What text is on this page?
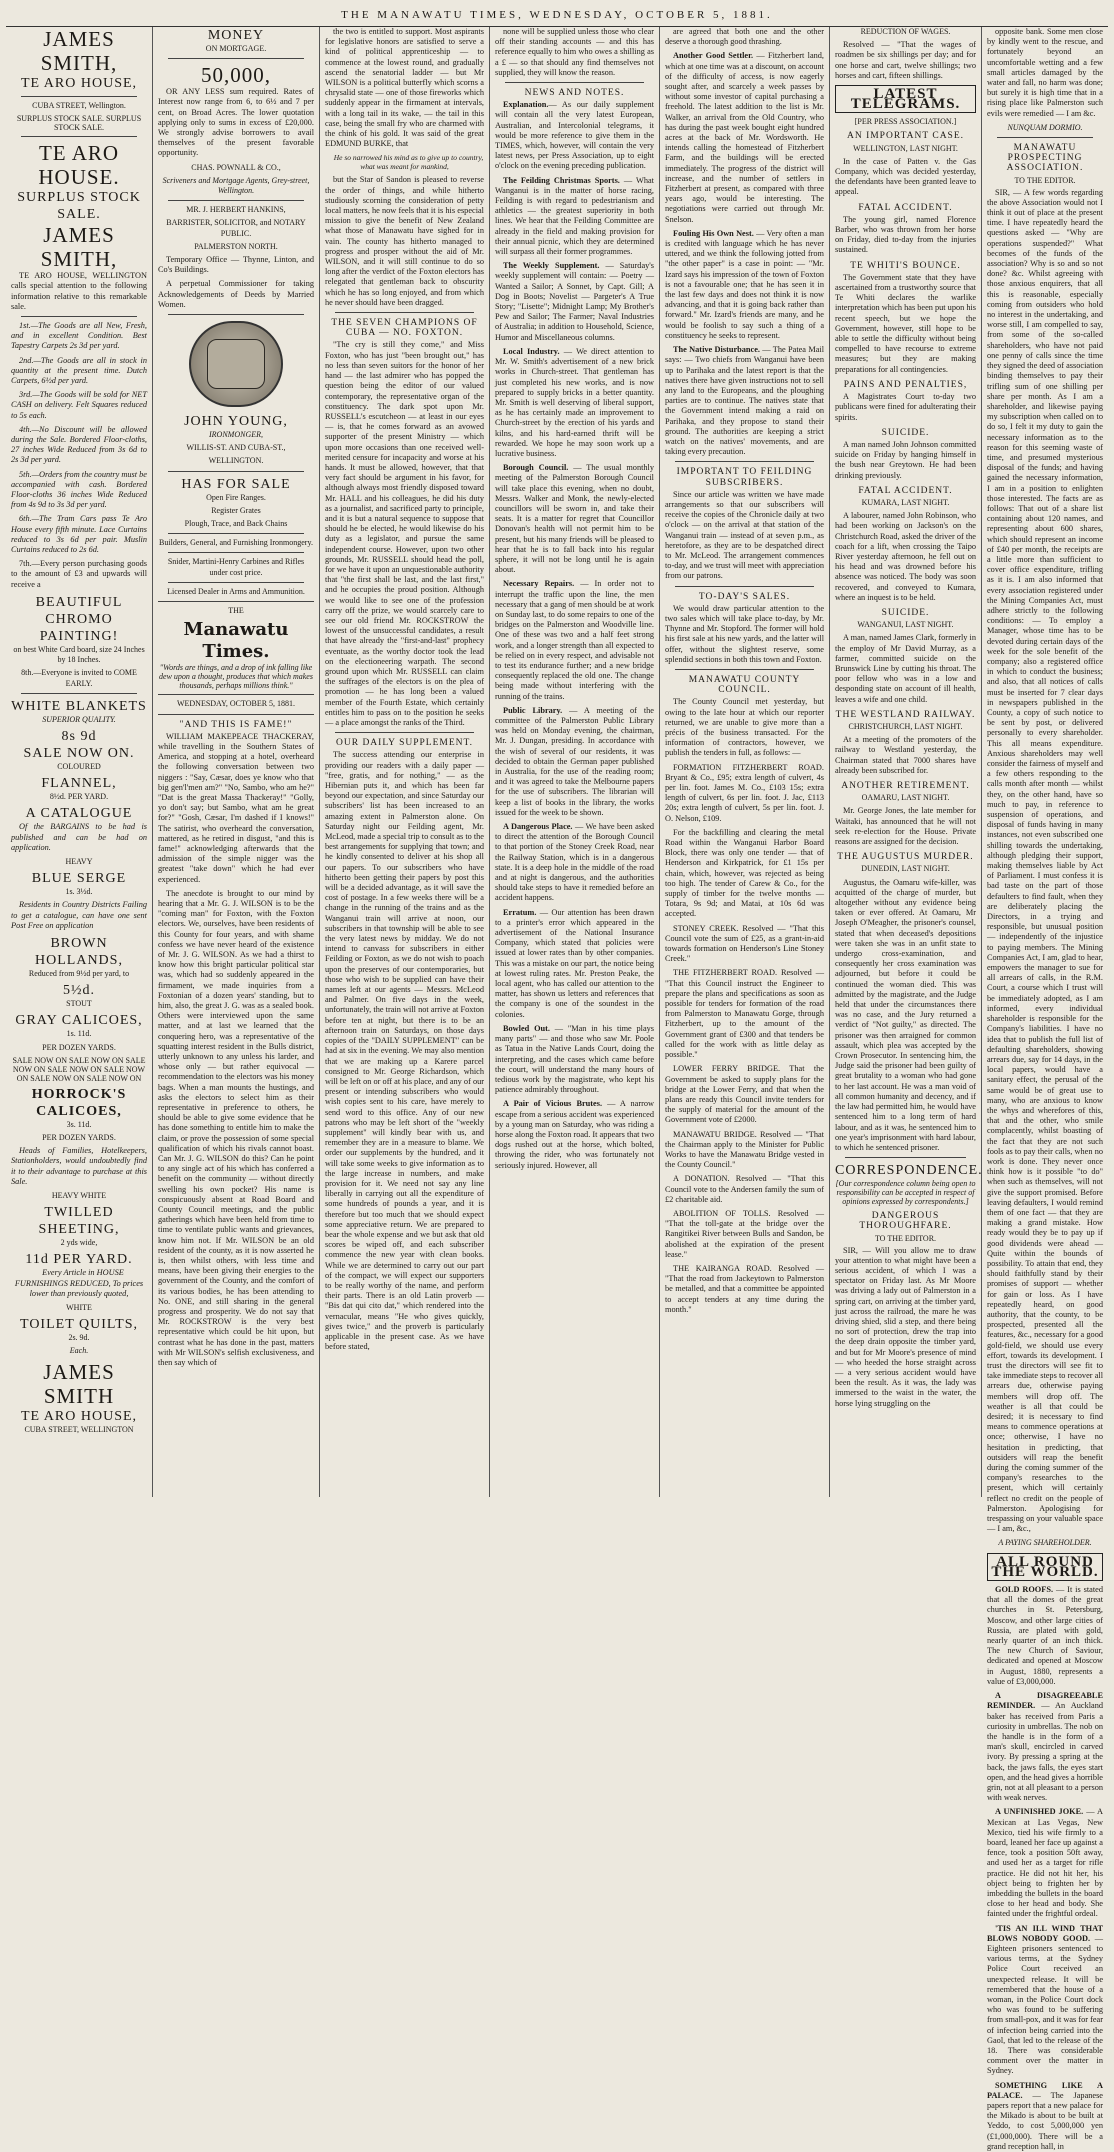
THE MANAWATU TIMES, WEDNESDAY, OCTOBER 5, 1881.
JAMES SMITH,
TE ARO HOUSE,
CUBA STREET, Wellington.
SURPLUS STOCK SALE. SURPLUS STOCK SALE.
TE ARO HOUSE.
SURPLUS STOCK
SALE.
JAMES SMITH,

TE ARO HOUSE, WELLINGTON calls special attention to the following information relative to this remarkable sale.

1st.—The Goods are all New, Fresh, and in excellent Condition. Best Tapestry Carpets 2s 3d per yard.

2nd.—The Goods are all in stock in quantity at the present time. Dutch Carpets, 6½d per yard.

3rd.—The Goods will be sold for NET CASH on delivery. Felt Squares reduced to 5s each.

4th.—No Discount will be allowed during the Sale. Bordered Floor-cloths, 27 inches Wide Reduced from 3s 6d to 2s 3d per yard.

5th.—Orders from the country must be accompanied with cash. Bordered Floor-cloths 36 inches Wide Reduced from 4s 9d to 3s 3d per yard.

6th.—The Tram Cars pass Te Aro House every fifth minute. Lace Curtains reduced to 3s 6d per pair. Muslin Curtains reduced to 2s 6d.

7th.—Every person purchasing goods to the amount of £3 and upwards will receive a

BEAUTIFUL
CHROMO PAINTING!
on best White Card board, size 24 Inches by 18 Inches.
8th.—Everyone is invited to COME EARLY.
WHITE BLANKETS
SUPERIOR QUALITY.
8s 9d
SALE NOW ON.
COLOURED
FLANNEL,
8½d. PER YARD.
A CATALOGUE

Of the BARGAINS to be had is published and can be had on application.

HEAVY
BLUE SERGE
1s. 3½d.

Residents in Country Districts Failing to get a catalogue, can have one sent Post Free on application

BROWN HOLLANDS,
Reduced from 9½d per yard, to
5½d.
STOUT
GRAY CALICOES,
1s. 11d.
PER DOZEN YARDS.
SALE NOW ON SALE NOW ON SALE NOW ON SALE NOW ON SALE NOW ON SALE NOW ON SALE NOW ON
HORROCK'S CALICOES,
3s. 11d.
PER DOZEN YARDS.

Heads of Families, Hotelkeepers, Stationholders, would undoubtedly find it to their advantage to purchase at this Sale.

HEAVY WHITE
TWILLED SHEETING,
2 yds wide,
11d PER YARD.

Every Article in HOUSE FURNISHINGS REDUCED, To prices lower than previously quoted,

WHITE
TOILET QUILTS,
2s. 9d.
Each.
JAMES SMITH
TE ARO HOUSE,
CUBA STREET, WELLINGTON
MONEY
ON MORTGAGE.
50,000,

OR ANY LESS sum required. Rates of Interest now range from 6, to 6½ and 7 per cent, on Broad Acres. The lower quotation applying only to sums in excess of £20,000. We strongly advise borrowers to avail themselves of the present favorable opportunity.

CHAS. POWNALL & CO.,
Scriveners and Mortgage Agents, Grey-street, Wellington.
MR. J. HERBERT HANKINS,
BARRISTER, SOLICITOR, and NOTARY PUBLIC.
PALMERSTON NORTH.

Temporary Office — Thynne, Linton, and Co's Buildings.

A perpetual Commissioner for taking Acknowledgements of Deeds by Married Women.

JOHN YOUNG,
IRONMONGER,
WILLIS-ST. AND CUBA-ST.,
WELLINGTON.
HAS FOR SALE
Open Fire Ranges.
Register Grates
Plough, Trace, and Back Chains
Builders, General, and Furnishing Ironmongery.
Snider, Martini-Henry Carbines and Rifles under cost price.
Licensed Dealer in Arms and Ammunition.
THE
Manawatu Times.
"Words are things, and a drop of ink falling like dew upon a thought, produces that which makes thousands, perhaps millions think."
WEDNESDAY, OCTOBER 5, 1881.
"AND THIS IS FAME!"

WILLIAM MAKEPEACE THACKERAY, while travelling in the Southern States of America, and stopping at a hotel, overheard the following conversation between two niggers : "Say, Cæsar, does ye know who that big gen'l'men am?" "No, Sambo, who am he?" "Dat is the great Massa Thackeray!" "Golly, yo don't say; but Sambo, what am he great for?" "Gosh, Cæsar, I'm dashed if I knows!" The satirist, who overheard the conversation, mattered, as he retired in disgust, "and this is fame!" acknowledging afterwards that the admission of the simple nigger was the greatest "take down" which he had ever experienced.

The anecdote is brought to our mind by hearing that a Mr. G. J. WILSON is to be the "coming man" for Foxton, with the Foxton electors. We, ourselves, have been residents of this County for four years, and with shame confess we have never heard of the existence of Mr. J. G. WILSON. As we had a thirst to know how this bright particular political star was, which had so suddenly appeared in the firmament, we made inquiries from a Foxtonian of a dozen years' standing, but to him, also, the great J. G. was as a sealed book. Others were interviewed upon the same matter, and at last we learned that the conquering hero, was a representative of the squatting interest resident in the Bulls district, utterly unknown to any unless his larder, and whose only — but rather equivocal — recommendation to the electors was his money bags. When a man mounts the hustings, and asks the electors to select him as their representative in preference to others, he should be able to give some evidence that he has done something to entitle him to make the claim, or prove the possession of some special qualification of which his rivals cannot boast. Can Mr. J. G. WILSON do this? Can he point to any single act of his which has conferred a benefit on the community — without directly swelling his own pocket? His name is conspicuously absent at Road Board and County Council meetings, and the public gatherings which have been held from time to time to ventilate public wants and grievances, know him not. If Mr. WILSON be an old resident of the county, as it is now asserted he is, then whilst others, with less time and means, have been giving their energies to the government of the County, and the comfort of its various bodies, he has been attending to No. ONE, and still sharing in the general progress and prosperity. We do not say that Mr. ROCKSTROW is the very best representative which could be hit upon, but contrast what he has done in the past, matters with Mr WILSON's selfish exclusiveness, and then say which of

the two is entitled to support. Most aspirants for legislative honors are satisfied to serve a kind of political apprenticeship — to commence at the lowest round, and gradually ascend the senatorial ladder — but Mr WILSON is a political butterfly which scorns a chrysalid state — one of those fireworks which suddenly appear in the firmament at intervals, with a long tail in its wake, — the tail in this case, being the small fry who are charmed with the chink of his gold. It was said of the great EDMUND BURKE, that

He so narrowed his mind as to give up to country, what was meant for mankind,

but the Star of Sandon is pleased to reverse the order of things, and while hitherto studiously scorning the consideration of petty local matters, he now feels that it is his especial mission to give the benefit of New Zealand what those of Manawatu have sighed for in vain. The county has hitherto managed to progress and prosper without the aid of Mr. WILSON, and it will still continue to do so long after the verdict of the Foxton electors has relegated that gentleman back to obscurity which he has so long enjoyed, and from which he never should have been dragged.

THE SEVEN CHAMPIONS OF CUBA — NO. FOXTON.

"The cry is still they come," and Miss Foxton, who has just "been brought out," has no less than seven suitors for the honor of her hand — the last admirer who has popped the question being the editor of our valued contemporary, the representative organ of the constituency. The dark spot upon Mr. RUSSELL's escutcheon — at least in our eyes — is, that he comes forward as an avowed supporter of the present Ministry — which upon more occasions than one received well-merited censure for incapacity and worse at his hands. It must be allowed, however, that that very fact should be argument in his favor, for although always most friendly disposed toward Mr. HALL and his colleagues, he did his duty as a journalist, and sacrificed party to principle, and it is but a natural sequence to suppose that should he be elected, he would likewise do his duty as a legislator, and pursue the same independent course. However, upon two other grounds, Mr. RUSSELL should head the poll, for we have it upon an unquestionable authority that "the first shall be last, and the last first," and he occupies the proud position. Although we would like to see one of the profession carry off the prize, we would scarcely care to see our old friend Mr. ROCKSTROW the lowest of the unsuccessful candidates, a result that have already the "first-and-last" prophecy eventuate, as the worthy doctor took the lead on the electioneering warpath. The second ground upon which Mr. RUSSELL can claim the suffrages of the electors is on the plea of promotion — he has long been a valued member of the Fourth Estate, which certainly entitles him to pass on to the position he seeks — a place amongst the ranks of the Third.

OUR DAILY SUPPLEMENT.

The success attending our enterprise in providing our readers with a daily paper — "free, gratis, and for nothing," — as the Hibernian puts it, and which has been far beyond our expectation, and since Saturday our subscribers' list has been increased to an amazing extent in Palmerston alone. On Saturday night our Feilding agent, Mr. McLeod, made a special trip to consult as to the best arrangements for supplying that town; and he kindly consented to deliver at his shop all our papers. To our subscribers who have hitherto been getting their papers by post this will be a decided advantage, as it will save the cost of postage. In a few weeks there will be a change in the running of the trains and as the Wanganui train will arrive at noon, our subscribers in that township will be able to see the very latest news by midday. We do not intend to canvass for subscribers in either Feilding or Foxton, as we do not wish to poach upon the preserves of our contemporaries, but those who wish to be supplied can have their names left at our agents — Messrs. McLeod and Palmer. On five days in the week, unfortunately, the train will not arrive at Foxton before ten at night, but there is to be an afternoon train on Saturdays, on those days copies of the "DAILY SUPPLEMENT" can be had at six in the evening. We may also mention that we are making up a Karere parcel consigned to Mr. George Richardson, which will be left on or off at his place, and any of our present or intending subscribers who would wish copies sent to his care, have merely to send word to this office. Any of our new patrons who may be left short of the "weekly supplement" will kindly bear with us, and remember they are in a measure to blame. We order our supplements by the hundred, and it will take some weeks to give information as to the large increase in numbers, and make provision for it. We need not say any line liberally in carrying out all the expenditure of some hundreds of pounds a year, and it is therefore but too much that we should expect some appreciative return. We are prepared to bear the whole expense and we but ask that old scores be wiped off, and each subscriber commence the new year with clean books. While we are determined to carry out our part of the compact, we will expect our supporters to be really worthy of the name, and perform their parts. There is an old Latin proverb — "Bis dat qui cito dat," which rendered into the vernacular, means "He who gives quickly, gives twice," and the proverb is particularly applicable in the present case. As we have before stated,

none will be supplied unless those who clear off their standing accounts — and this has reference equally to him who owes a shilling as a £ — so that should any find themselves not supplied, they will know the reason.

NEWS AND NOTES.

Explanation.— As our daily supplement will contain all the very latest European, Australian, and Intercolonial telegrams, it would be more reference to give them in the TIMES, which, however, will contain the very latest news, per Press Association, up to eight o'clock on the evening preceding publication.

The Feilding Christmas Sports. — What Wanganui is in the matter of horse racing, Feilding is with regard to pedestrianism and athletics — the greatest superiority in both lines. We hear that the Feilding Committee are already in the field and making provision for their annual picnic, which they are determined will surpass all their former programmes.

The Weekly Supplement. — Saturday's weekly supplement will contain: — Poetry — Wanted a Sailor; A Sonnet, by Capt. Gill; A Dog in Boots; Novelist — Pargeter's A True Story; "Lisette"; Midnight Lamp; My Brother's Pew and Sailor; The Farmer; Naval Industries of Australia; in addition to Household, Science, Humor and Miscellaneous columns.

Local Industry. — We direct attention to Mr. W. Smith's advertisement of a new brick works in Church-street. That gentleman has just completed his new works, and is now prepared to supply bricks in a better quantity. Mr. Smith is well deserving of liberal support, as he has certainly made an improvement to Church-street by the erection of his yards and kilns, and his hard-earned thrift will be rewarded. We hope he may soon work up a lucrative business.

Borough Council. — The usual monthly meeting of the Palmerston Borough Council will take place this evening, when no doubt, Messrs. Walker and Monk, the newly-elected councillors will be sworn in, and take their seats. It is a matter for regret that Councillor Donovan's health will not permit him to be present, but his many friends will be pleased to hear that he is to fall back into his regular sphere, it will not be long until he is again about.

Necessary Repairs. — In order not to interrupt the traffic upon the line, the men necessary that a gang of men should be at work on Sunday last, to do some repairs to one of the bridges on the Palmerston and Woodville line. One of these was two and a half feet strong work, and a longer strength than all expected to be relied on in every respect, and advisable not to test its endurance further; and a new bridge consequently replaced the old one. The change being made without interfering with the running of the trains.

Public Library. — A meeting of the committee of the Palmerston Public Library was held on Monday evening, the chairman, Mr. J. Dungan, presiding. In accordance with the wish of several of our residents, it was decided to obtain the German paper published in Australia, for the use of the reading room; and it was agreed to take the Melbourne papers for the use of subscribers. The librarian will keep a list of books in the library, the works issued for the week to be shown.

A Dangerous Place. — We have been asked to direct the attention of the Borough Council to that portion of the Stoney Creek Road, near the Railway Station, which is in a dangerous state. It is a deep hole in the middle of the road and at night is dangerous, and the authorities should take steps to have it remedied before an accident happens.

Erratum. — Our attention has been drawn to a printer's error which appeared in the advertisement of the National Insurance Company, which stated that policies were issued at lower rates than by other companies. This was a mistake on our part, the notice being at lowest ruling rates. Mr. Preston Peake, the local agent, who has called our attention to the matter, has shown us letters and references that the company is one of the soundest in the colonies.

Bowled Out. — "Man in his time plays many parts" — and those who saw Mr. Poole as Tatua in the Native Lands Court, doing the interpreting, and the cases which came before the court, will understand the many hours of tedious work by the magistrate, who kept his patience admirably throughout.

A Pair of Vicious Brutes. — A narrow escape from a serious accident was experienced by a young man on Saturday, who was riding a horse along the Foxton road. It appears that two dogs rushed out at the horse, which bolted, throwing the rider, who was fortunately not seriously injured. However, all

are agreed that both one and the other deserve a thorough good thrashing.

Another Good Settler. — Fitzherbert land, which at one time was at a discount, on account of the difficulty of access, is now eagerly sought after, and scarcely a week passes by without some investor of capital purchasing a freehold. The latest addition to the list is Mr. Walker, an arrival from the Old Country, who has during the past week bought eight hundred acres at the back of Mr. Wordsworth. He intends calling the homestead of Fitzherbert Farm, and the buildings will be erected immediately. The progress of the district will increase, and the number of settlers in Fitzherbert at present, as compared with three years ago, would be interesting. The negotiations were carried out through Mr. Snelson.

Fouling His Own Nest. — Very often a man is credited with language which he has never uttered, and we think the following jotted from "the other paper" is a case in point: — "Mr. Izard says his impression of the town of Foxton is not a favourable one; that he has seen it in the last few days and does not think it is now advancing, and that it is going back rather than forward." Mr. Izard's friends are many, and he would be foolish to say such a thing of a constituency he seeks to represent.

The Native Disturbance. — The Patea Mail says: — Two chiefs from Wanganui have been up to Parihaka and the latest report is that the natives there have given instructions not to sell any land to the Europeans, and the ploughing parties are to continue. The natives state that the Government intend making a raid on Parihaka, and they propose to stand their ground. The authorities are keeping a strict watch on the natives' movements, and are taking every precaution.

IMPORTANT TO FEILDING SUBSCRIBERS.

Since our article was written we have made arrangements so that our subscribers will receive the copies of the Chronicle daily at two o'clock — on the arrival at that station of the Wanganui train — instead of at seven p.m., as heretofore, as they are to be despatched direct to Mr. McLeod. The arrangement commences to-day, and we trust will meet with appreciation from our patrons.

TO-DAY'S SALES.

We would draw particular attention to the two sales which will take place to-day, by Mr. Thynne and Mr. Stopford. The former will hold his first sale at his new yards, and the latter will offer, without the slightest reserve, some splendid sections in both this town and Foxton.

MANAWATU COUNTY COUNCIL.

The County Council met yesterday, but owing to the late hour at which our reporter returned, we are unable to give more than a précis of the business transacted. For the information of contractors, however, we publish the tenders in full, as follows: —

FORMATION FITZHERBERT ROAD. Bryant & Co., £95; extra length of culvert, 4s per lin. foot. James M. Co., £103 15s; extra length of culvert, 6s per lin. foot. J. Jac, £113 20s; extra length of culvert, 5s per lin. foot. J. O. Nelson, £109.

For the backfilling and clearing the metal Road within the Wanganui Harbor Board Block, there was only one tender — that of Henderson and Kirkpatrick, for £1 15s per chain, which, however, was rejected as being too high. The tender of Carew & Co., for the supply of timber for the twelve months — Totara, 9s 9d; and Matai, at 10s 6d was accepted.

STONEY CREEK. Resolved — "That this Council vote the sum of £25, as a grant-in-aid towards formation on Henderson's Line Stoney Creek."

THE FITZHERBERT ROAD. Resolved — "That this Council instruct the Engineer to prepare the plans and specifications as soon as possible for tenders for formation of the road from Palmerston to Manawatu Gorge, through Fitzherbert, up to the amount of the Government grant of £300 and that tenders be called for the work with as little delay as possible."

LOWER FERRY BRIDGE. That the Government be asked to supply plans for the bridge at the Lower Ferry, and that when the plans are ready this Council invite tenders for the supply of material for the amount of the Government vote of £2000.

MANAWATU BRIDGE. Resolved — "That the Chairman apply to the Minister for Public Works to have the Manawatu Bridge vested in the County Council."

A DONATION. Resolved — "That this Council vote to the Andersen family the sum of £2 charitable aid.

ABOLITION OF TOLLS. Resolved — "That the toll-gate at the bridge over the Rangitikei River between Bulls and Sandon, be abolished at the expiration of the present lease."

THE KAIRANGA ROAD. Resolved — "That the road from Jackeytown to Palmerston be metalled, and that a committee be appointed to accept tenders at any time during the month."

REDUCTION OF WAGES.

Resolved — "That the wages of roadmen be six shillings per day; and for one horse and cart, twelve shillings; two horses and cart, fifteen shillings.

LATEST TELEGRAMS.
[PER PRESS ASSOCIATION.]
AN IMPORTANT CASE.
WELLINGTON, LAST NIGHT.

In the case of Patten v. the Gas Company, which was decided yesterday, the defendants have been granted leave to appeal.

FATAL ACCIDENT.

The young girl, named Florence Barber, who was thrown from her horse on Friday, died to-day from the injuries sustained.

TE WHITI'S BOUNCE.

The Government state that they have ascertained from a trustworthy source that Te Whiti declares the warlike interpretation which has been put upon his recent speech, but we hope the Government, however, still hope to be able to settle the difficulty without being compelled to have recourse to extreme measures; but they are making preparations for all contingencies.

PAINS AND PENALTIES,

A Magistrates Court to-day two publicans were fined for adulterating their spirits.

SUICIDE.

A man named John Johnson committed suicide on Friday by hanging himself in the bush near Greytown. He had been drinking previously.

FATAL ACCIDENT.
KUMARA, LAST NIGHT.

A labourer, named John Robinson, who had been working on Jackson's on the Christchurch Road, asked the driver of the coach for a lift, when crossing the Taipo River yesterday afternoon, he fell out on his head and was drowned before his absence was noticed. The body was soon recovered, and conveyed to Kumara, where an inquest is to be held.

SUICIDE.
WANGANUI, LAST NIGHT.

A man, named James Clark, formerly in the employ of Mr David Murray, as a farmer, committed suicide on the Brunswick Line by cutting his throat. The poor fellow who was in a low and desponding state on account of ill health, leaves a wife and one child.

THE WESTLAND RAILWAY.
CHRISTCHURCH, LAST NIGHT.

At a meeting of the promoters of the railway to Westland yesterday, the Chairman stated that 7000 shares have already been subscribed for.

ANOTHER RETIREMENT.
OAMARU, LAST NIGHT.

Mr. George Jones, the late member for Waitaki, has announced that he will not seek re-election for the House. Private reasons are assigned for the decision.

THE AUGUSTUS MURDER.
DUNEDIN, LAST NIGHT.

Augustus, the Oamaru wife-killer, was acquitted of the charge of murder, but altogether without any evidence being taken or ever offered. At Oamaru, Mr Joseph O'Meagher, the prisoner's counsel, stated that when deceased's depositions were taken she was in an unfit state to undergo cross-examination, and consequently her cross examination was adjourned, but before it could be continued the woman died. This was admitted by the magistrate, and the Judge held that under the circumstances there was no case, and the Jury returned a verdict of "Not guilty," as directed. The prisoner was then arraigned for common assault, which plea was accepted by the Crown Prosecutor. In sentencing him, the Judge said the prisoner had been guilty of great brutality to a woman who had gone to her last account. He was a man void of all common humanity and decency, and if the law had permitted him, he would have sentenced him to a long term of hard labour, and as it was, he sentenced him to one year's imprisonment with hard labour, to which he sentenced prisoner.

CORRESPONDENCE.
[Our correspondence column being open to responsibility can be accepted in respect of opinions expressed by correspondents.]
DANGEROUS THOROUGHFARE.
TO THE EDITOR.

SIR, — Will you allow me to draw your attention to what might have been a serious accident, of which I was a spectator on Friday last. As Mr Moore was driving a lady out of Palmerston in a spring cart, on arriving at the timber yard, just across the railroad, the mare he was driving shied, slid a step, and there being no sort of protection, drew the trap into the deep drain opposite the timber yard, and but for Mr Moore's presence of mind — who heeded the horse straight across — a very serious accident would have been the result. As it was, the lady was immersed to the waist in the water, the horse lying struggling on the

opposite bank. Some men close by kindly went to the rescue, and fortunately beyond an uncomfortable wetting and a few small articles damaged by the water and fall, no harm was done; but surely it is high time that in a rising place like Palmerston such evils were remedied — I am &c.

NUNQUAM DORMIO.
MANAWATU PROSPECTING ASSOCIATION.
TO THE EDITOR.

SIR, — A few words regarding the above Association would not I think it out of place at the present time. I have repeatedly heard the questions asked — "Why are operations suspended?" What becomes of the funds of the association? Why is so and so not done? &c. Whilst agreeing with those anxious enquirers, that all this is reasonable, especially coming from outsiders who hold no interest in the undertaking, and worse still, I am compelled to say, from some of the so-called shareholders, who have not paid one penny of calls since the time they signed the deed of association binding themselves to pay their trifling sum of one shilling per share per month. As I am a shareholder, and likewise paying my subscription when called on to do so, I felt it my duty to gain the necessary information as to the reason for this seeming waste of time, and presumed mysterious disposal of the funds; and having gained the necessary information, I am in a position to enlighten those interested. The facts are as follows: That out of a share list containing about 120 names, and representing about 600 shares, which should represent an income of £40 per month, the receipts are a little more than sufficient to cover office expenditure, trifling as it is. I am also informed that every association registered under the Mining Companies Act, must adhere strictly to the following conditions: — To employ a Manager, whose time has to be devoted during certain days of the week for the sole benefit of the company; also a registered office in which to conduct the business; and also, that all notices of calls must be inserted for 7 clear days in newspapers published in the County, a copy of such notice to be sent by post, or delivered personally to every shareholder. This all means expenditure. Anxious shareholders may well consider the fairness of myself and a few others responding to the calls month after month — whilst they, on the other hand, have so much to pay, in reference to suspension of operations, and disposal of funds having in many instances, not even subscribed one shilling towards the undertaking, although pledging their support, making themselves liable by Act of Parliament. I must confess it is bad taste on the part of those defaulters to find fault, when they are deliberately placing the Directors, in a trying and responsible, but unusual position — independently of the injustice to paying members. The Mining Companies Act, I am, glad to hear, empowers the manager to sue for all arrears of calls, in the R.M. Court, a course which I trust will be immediately adopted, as I am informed, every individual shareholder is responsible for the Company's liabilities. I have no idea that to publish the full list of defaulting shareholders, showing arrears due, say for 14 days, in the local papers, would have a sanitary effect, the perusal of the same would be of great use to many, who are anxious to know the whys and wherefores of this, that and the other, who smile complacently, whilst boasting of the fact that they are not such fools as to pay their calls, when no work is done. They never once think how is it possible "to do" when such as themselves, will not give the support promised. Before leaving defaulters, I would remind them of one fact — that they are making a grand mistake. How ready would they be to pay up if good dividends were ahead — Quite within the bounds of possibility. To attain that end, they should faithfully stand by their promises of support — whether for gain or loss. As I have repeatedly heard, on good authority, that the county, to be prospected, presented all the features, &c., necessary for a good gold-field, we should use every effort, towards its development. I trust the directors will see fit to take immediate steps to recover all arrears due, otherwise paying members will drop off. The weather is all that could be desired; it is necessary to find means to commence operations at once; otherwise, I have no hesitation in predicting, that outsiders will reap the benefit during the coming summer of the company's researches to the present, which will certainly reflect no credit on the people of Palmerston. Apologising for trespassing on your valuable space — I am, &c.,

A PAYING SHAREHOLDER.
ALL ROUND THE WORLD.

GOLD ROOFS. — It is stated that all the domes of the great churches in St. Petersburg, Moscow, and other large cities of Russia, are plated with gold, nearly quarter of an inch thick. The new Church of Saviour, dedicated and opened at Moscow in August, 1880, represents a value of £3,000,000.

A DISAGREEABLE REMINDER. — An Auckland baker has received from Paris a curiosity in umbrellas. The nob on the handle is in the form of a man's skull, encircled in carved ivory. By pressing a spring at the back, the jaws falls, the eyes start open, and the head gives a horrible grin, not at all pleasant to a person with weak nerves.

A UNFINISHED JOKE. — A Mexican at Las Vegas, New Mexico, tied his wife firmly to a board, leaned her face up against a fence, took a position 50ft away, and used her as a target for rifle practice. He did not hit her, his object being to frighten her by imbedding the bullets in the board close to her head and body. She fainted under the frightful ordeal.

'TIS AN ILL WIND THAT BLOWS NOBODY GOOD. — Eighteen prisoners sentenced to various terms, at the Sydney Police Court received an unexpected release. It will be remembered that the house of a woman, in the Police Court dock who was found to be suffering from small-pox, and it was for fear of infection being carried into the Gaol, that led to the release of the 18. There was considerable comment over the matter in Sydney.

SOMETHING LIKE A PALACE. — The Japanese papers report that a new palace for the Mikado is about to be built at Yeddo, to cost 5,000,000 yen (£1,000,000). There will be a grand reception hall, in
